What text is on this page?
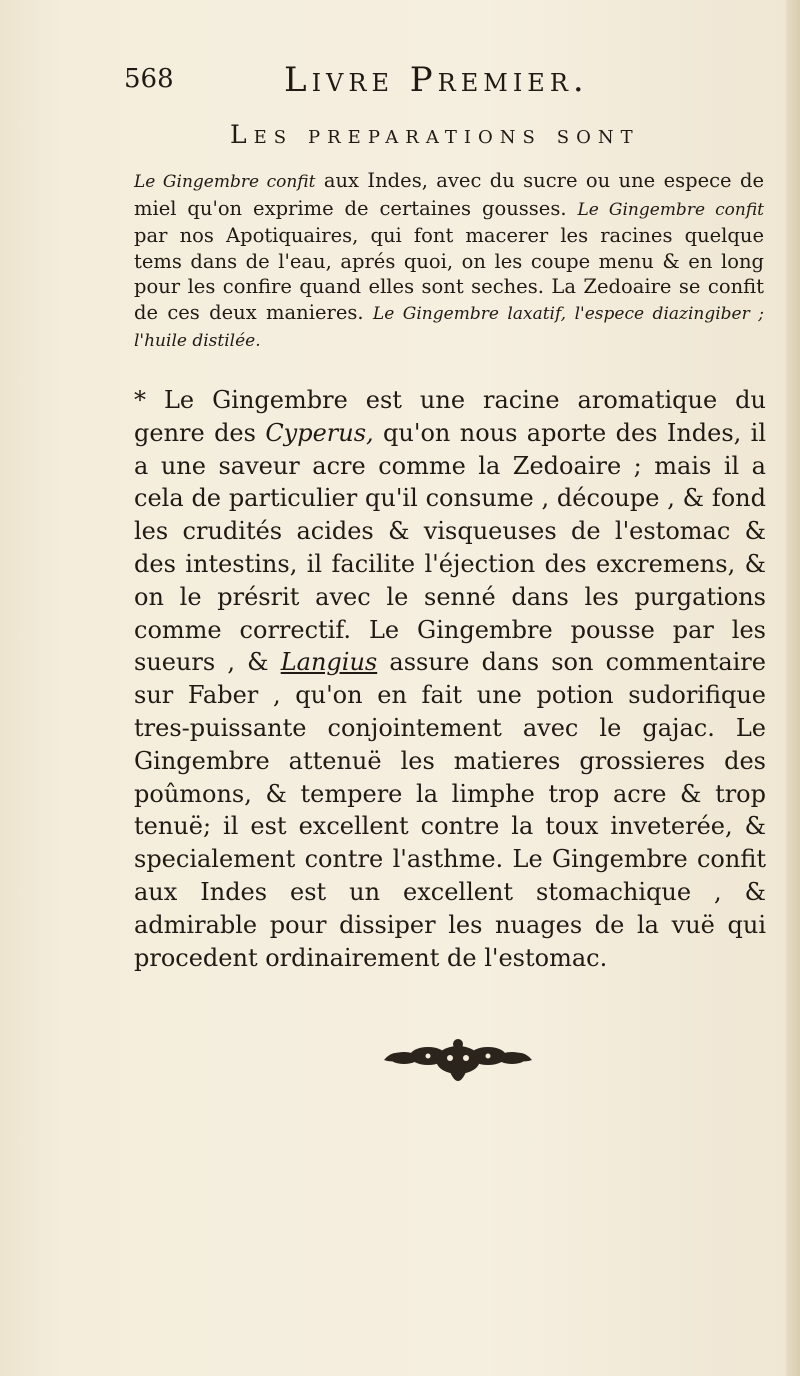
568	Livre Premier.
Les preparations sont

Le Gingembre confit aux Indes, avec du sucre ou une espece de miel qu'on exprime de certaines gousses. Le Gingembre confit par nos Apotiquaires, qui font macerer les racines quelque tems dans de l'eau, aprés quoi, on les coupe menu & en long pour les confire quand elles sont seches. La Zedoaire se confit de ces deux manieres. Le Gingembre laxatif, l'espece diazingiber ; l'huile distilée.

* Le Gingembre est une racine aromatique du genre des Cyperus, qu'on nous aporte des Indes, il a une saveur acre comme la Zedoaire ; mais il a cela de particulier qu'il consume , découpe , & fond les crudités acides & visqueuses de l'estomac & des intestins, il facilite l'éjection des excremens, & on le présrit avec le senné dans les purgations comme correctif. Le Gingembre pousse par les sueurs , & Langius assure dans son commentaire sur Faber , qu'on en fait une potion sudorifique tres-puissante conjointement avec le gajac. Le Gingembre attenuë les matieres grossieres des poûmons, & tempere la limphe trop acre & trop tenuë; il est excellent contre la toux inveterée, & specialement contre l'asthme. Le Gingembre confit aux Indes est un excellent stomachique , & admirable pour dissiper les nuages de la vuë qui procedent ordinairement de l'estomac.
